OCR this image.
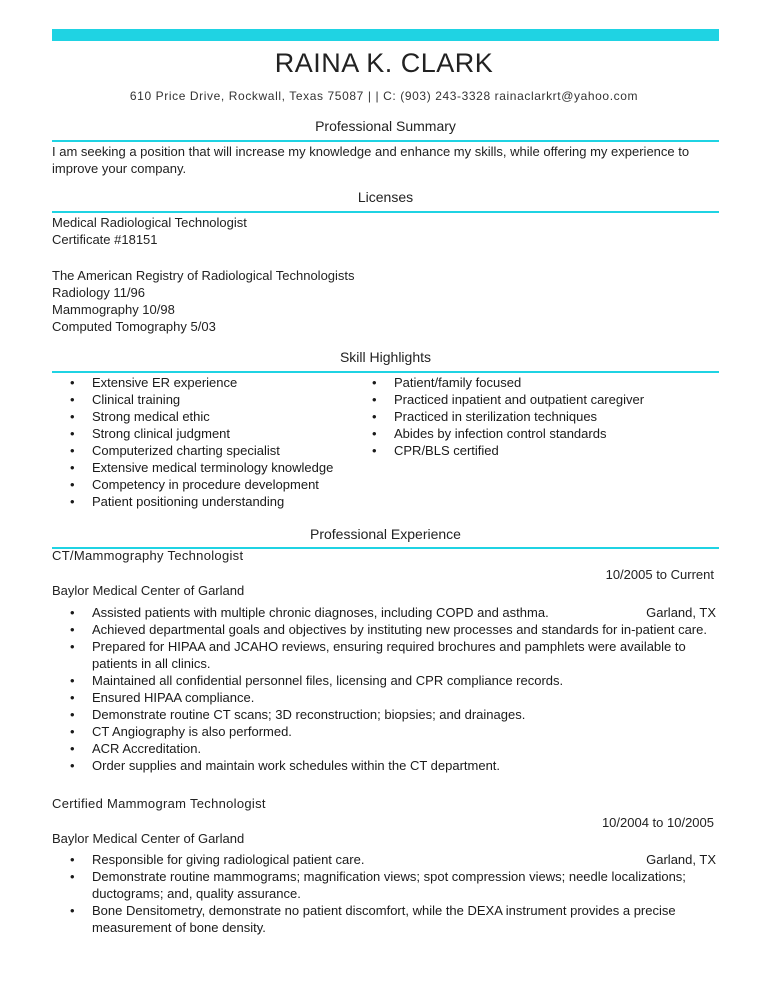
RAINA K. CLARK
610 Price Drive, Rockwall, Texas 75087 | | C: (903) 243-3328 rainaclarkrt@yahoo.com
Professional Summary
I am seeking a position that will increase my knowledge and enhance my skills, while offering my experience to improve your company.
Licenses
Medical Radiological Technologist
Certificate #18151
The American Registry of Radiological Technologists
Radiology 11/96
Mammography 10/98
Computed Tomography 5/03
Skill Highlights
• Extensive ER experience
• Clinical training
• Strong medical ethic
• Strong clinical judgment
• Computerized charting specialist
• Extensive medical terminology knowledge
• Competency in procedure development
• Patient positioning understanding
• Patient/family focused
• Practiced inpatient and outpatient caregiver
• Practiced in sterilization techniques
• Abides by infection control standards
• CPR/BLS certified
Professional Experience
CT/Mammography Technologist
10/2005 to Current
Baylor Medical Center of Garland
• Assisted patients with multiple chronic diagnoses, including COPD and asthma.	Garland, TX
• Achieved departmental goals and objectives by instituting new processes and standards for in-patient care.
• Prepared for HIPAA and JCAHO reviews, ensuring required brochures and pamphlets were available to patients in all clinics.
• Maintained all confidential personnel files, licensing and CPR compliance records.
• Ensured HIPAA compliance.
• Demonstrate routine CT scans; 3D reconstruction; biopsies; and drainages.
• CT Angiography is also performed.
• ACR Accreditation.
• Order supplies and maintain work schedules within the CT department.
Certified Mammogram Technologist
10/2004 to 10/2005
Baylor Medical Center of Garland
• Responsible for giving radiological patient care.	Garland, TX
• Demonstrate routine mammograms; magnification views; spot compression views; needle localizations; ductograms; and, quality assurance.
• Bone Densitometry, demonstrate no patient discomfort, while the DEXA instrument provides a precise measurement of bone density.
